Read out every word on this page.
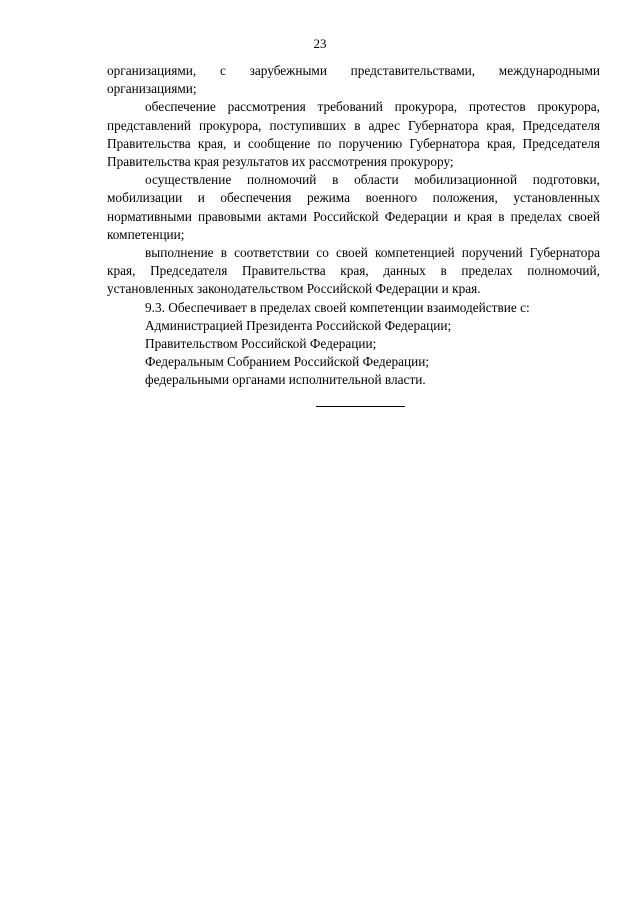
23

организациями, с зарубежными представительствами, международными организациями;

обеспечение рассмотрения требований прокурора, протестов прокурора, представлений прокурора, поступивших в адрес Губернатора края, Председателя Правительства края, и сообщение по поручению Губернатора края, Председателя Правительства края результатов их рассмотрения прокурору;

осуществление полномочий в области мобилизационной подготовки, мобилизации и обеспечения режима военного положения, установленных нормативными правовыми актами Российской Федерации и края в пределах своей компетенции;

выполнение в соответствии со своей компетенцией поручений Губернатора края, Председателя Правительства края, данных в пределах полномочий, установленных законодательством Российской Федерации и края.

9.3. Обеспечивает в пределах своей компетенции взаимодействие с:

Администрацией Президента Российской Федерации;

Правительством Российской Федерации;

Федеральным Собранием Российской Федерации;

федеральными органами исполнительной власти.
